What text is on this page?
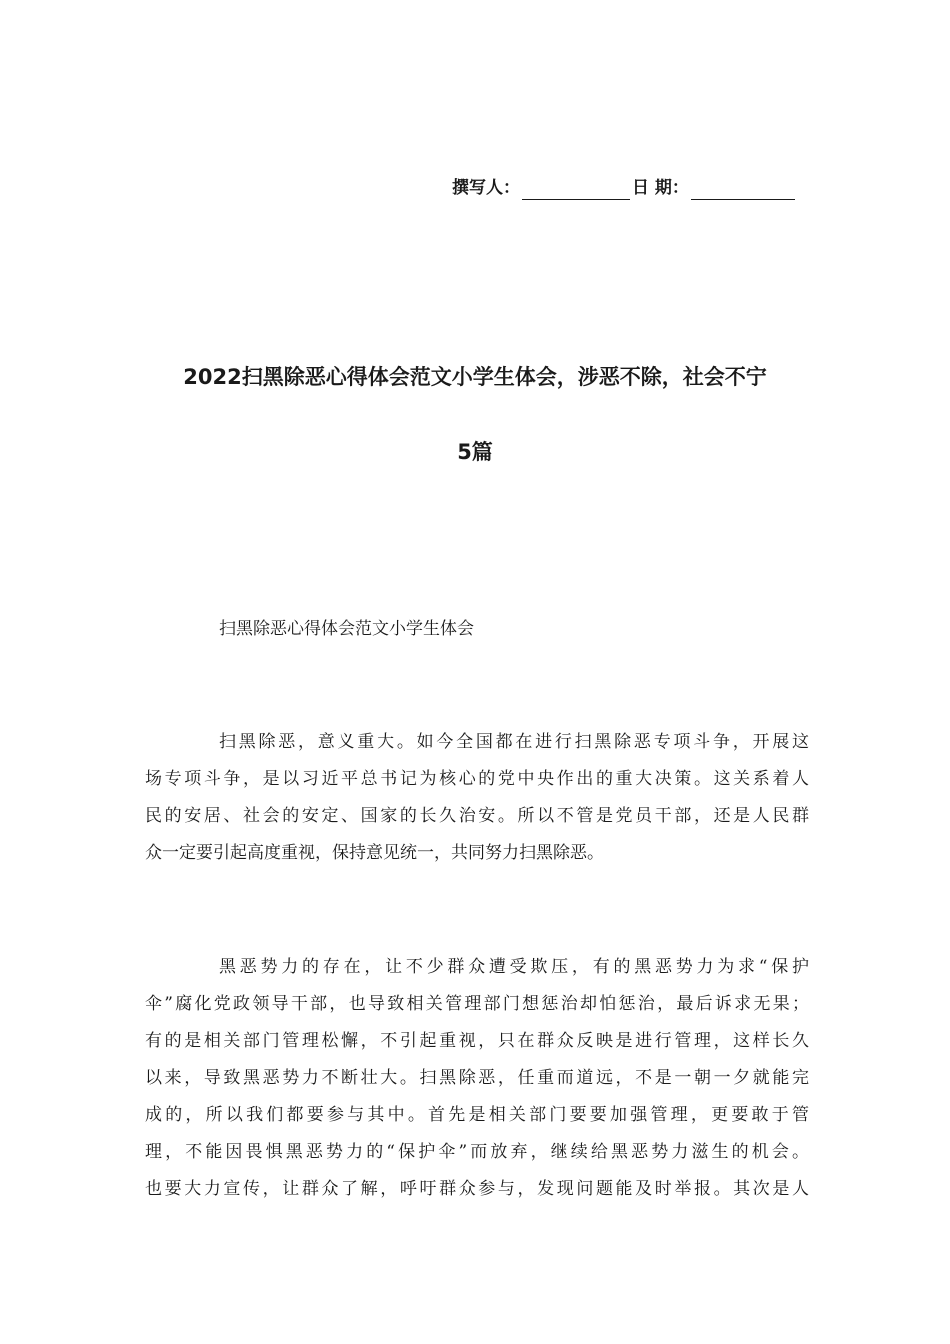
撰写人：	日 期：
2022扫黑除恶心得体会范文小学生体会，涉恶不除，社会不宁
5篇
扫黑除恶心得体会范文小学生体会
扫黑除恶，意义重大。如今全国都在进行扫黑除恶专项斗争，开展这
场专项斗争，是以习近平总书记为核心的党中央作出的重大决策。这关系着人
民的安居、社会的安定、国家的长久治安。所以不管是党员干部，还是人民群
众一定要引起高度重视，保持意见统一，共同努力扫黑除恶。
黑恶势力的存在，让不少群众遭受欺压，有的黑恶势力为求“保护
伞”腐化党政领导干部，也导致相关管理部门想惩治却怕惩治，最后诉求无果；
有的是相关部门管理松懈，不引起重视，只在群众反映是进行管理，这样长久
以来，导致黑恶势力不断壮大。扫黑除恶，任重而道远，不是一朝一夕就能完
成的，所以我们都要参与其中。首先是相关部门要要加强管理，更要敢于管
理，不能因畏惧黑恶势力的“保护伞”而放弃，继续给黑恶势力滋生的机会。
也要大力宣传，让群众了解，呼吁群众参与，发现问题能及时举报。其次是人
